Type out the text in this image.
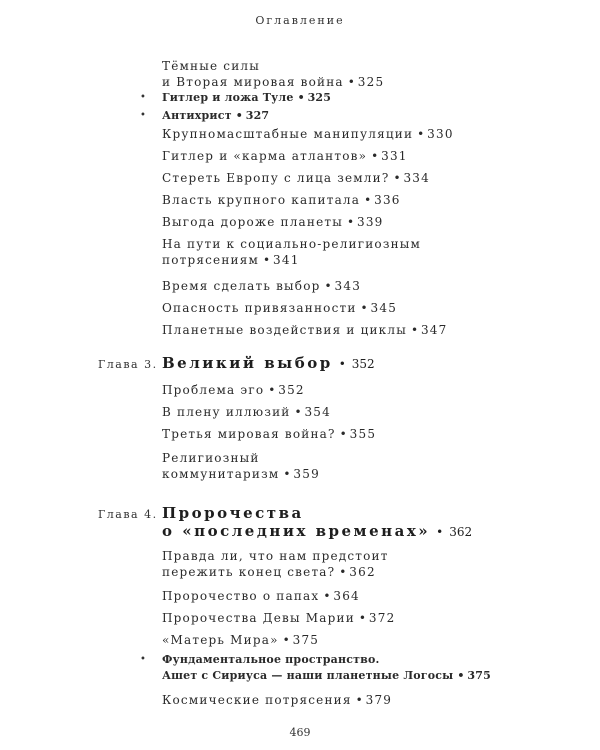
Оглавление
Тёмные силы
и Вторая мировая война • 325
Гитлер и ложа Туле • 325
•
Антихрист • 327
•
Крупномасштабные манипуляции • 330
Гитлер и «карма атлантов» • 331
Стереть Европу с лица земли? • 334
Власть крупного капитала • 336
Выгода дороже планеты • 339
На пути к социально-религиозным
потрясениям • 341
Время сделать выбор • 343
Опасность привязанности • 345
Планетные воздействия и циклы • 347
Глава 3. Великий выбор • 352
Проблема эго • 352
В плену иллюзий • 354
Третья мировая война? • 355
Религиозный
коммунитаризм • 359
Глава 4. Пророчества
о «последних временах» • 362
Правда ли, что нам предстоит
пережить конец света? • 362
Пророчество о папах • 364
Пророчества Девы Марии • 372
«Матерь Мира» • 375
Фундаментальное пространство.
Ашет с Сириуса — наши планетные Логосы • 375
•
Космические потрясения • 379
469
